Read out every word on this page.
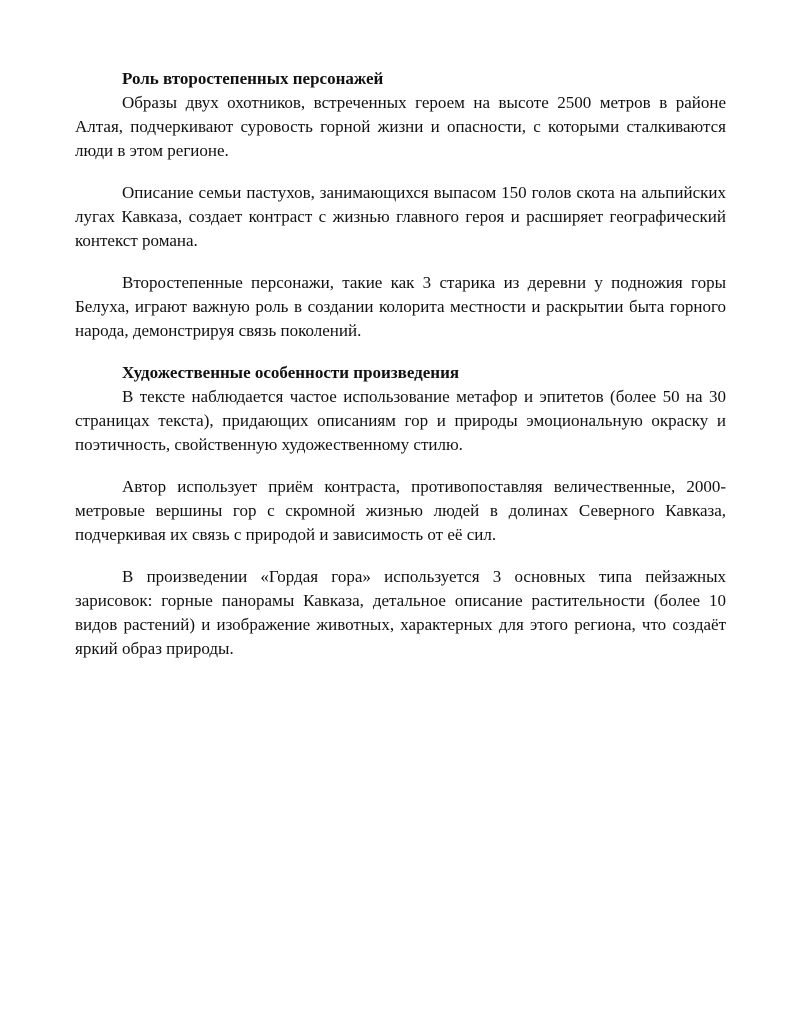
Роль второстепенных персонажей

Образы двух охотников, встреченных героем на высоте 2500 метров в районе Алтая, подчеркивают суровость горной жизни и опасности, с которыми сталкиваются люди в этом регионе.

Описание семьи пастухов, занимающихся выпасом 150 голов скота на альпийских лугах Кавказа, создает контраст с жизнью главного героя и расширяет географический контекст романа.

Второстепенные персонажи, такие как 3 старика из деревни у подножия горы Белуха, играют важную роль в создании колорита местности и раскрытии быта горного народа, демонстрируя связь поколений.

Художественные особенности произведения

В тексте наблюдается частое использование метафор и эпитетов (более 50 на 30 страницах текста), придающих описаниям гор и природы эмоциональную окраску и поэтичность, свойственную художественному стилю.

Автор использует приём контраста, противопоставляя величественные, 2000-метровые вершины гор с скромной жизнью людей в долинах Северного Кавказа, подчеркивая их связь с природой и зависимость от её сил.

В произведении «Гордая гора» используется 3 основных типа пейзажных зарисовок: горные панорамы Кавказа, детальное описание растительности (более 10 видов растений) и изображение животных, характерных для этого региона, что создаёт яркий образ природы.
